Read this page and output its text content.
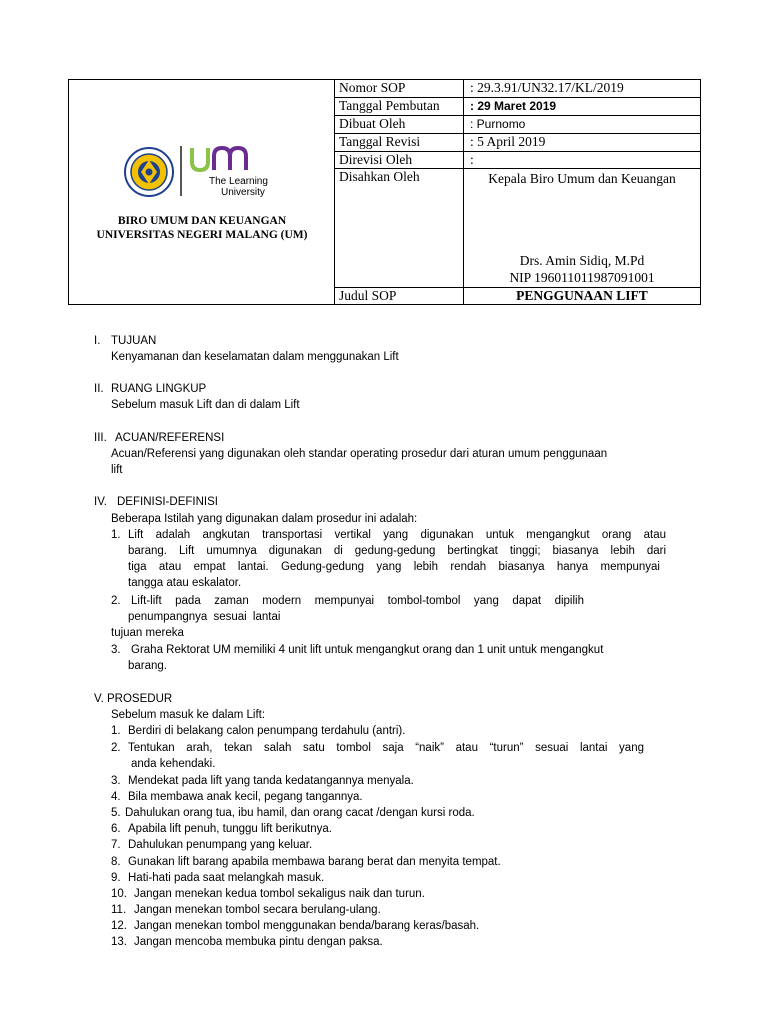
The Learning
University
BIRO UMUM DAN KEUANGAN
UNIVERSITAS NEGERI MALANG (UM)
Nomor SOP	: 29.3.91/UN32.17/KL/2019
Tanggal Pembutan	: 29 Maret 2019
Dibuat Oleh	: Purnomo
Tanggal Revisi	: 5 April 2019
Direvisi Oleh	:
Disahkan Oleh	Kepala Biro Umum dan Keuangan
Drs. Amin Sidiq, M.Pd
NIP 196011011987091001
Judul SOP	PENGGUNAAN LIFT
I. TUJUAN
Kenyamanan dan keselamatan dalam menggunakan Lift
II. RUANG LINGKUP
Sebelum masuk Lift dan di dalam Lift
III. ACUAN/REFERENSI
Acuan/Referensi yang digunakan oleh standar operating prosedur dari aturan umum penggunaan
lift
IV. DEFINISI-DEFINISI
Beberapa Istilah yang digunakan dalam prosedur ini adalah:
1. Lift adalah angkutan transportasi vertikal yang digunakan untuk mengangkut orang atau
barang. Lift umumnya digunakan di gedung-gedung bertingkat tinggi; biasanya lebih dari
tiga atau empat lantai. Gedung-gedung yang lebih rendah biasanya hanya mempunyai
tangga atau eskalator.
2. Lift-lift pada zaman modern mempunyai tombol-tombol yang dapat dipilih
penumpangnya sesuai lantai
tujuan mereka
3. Graha Rektorat UM memiliki 4 unit lift untuk mengangkut orang dan 1 unit untuk mengangkut
barang.
V. PROSEDUR
Sebelum masuk ke dalam Lift:
1. Berdiri di belakang calon penumpang terdahulu (antri).
2. Tentukan arah, tekan salah satu tombol saja “naik” atau “turun” sesuai lantai yang
anda kehendaki.
3. Mendekat pada lift yang tanda kedatangannya menyala.
4. Bila membawa anak kecil, pegang tangannya.
5. Dahulukan orang tua, ibu hamil, dan orang cacat /dengan kursi roda.
6. Apabila lift penuh, tunggu lift berikutnya.
7. Dahulukan penumpang yang keluar.
8. Gunakan lift barang apabila membawa barang berat dan menyita tempat.
9. Hati-hati pada saat melangkah masuk.
10. Jangan menekan kedua tombol sekaligus naik dan turun.
11. Jangan menekan tombol secara berulang-ulang.
12. Jangan menekan tombol menggunakan benda/barang keras/basah.
13. Jangan mencoba membuka pintu dengan paksa.
